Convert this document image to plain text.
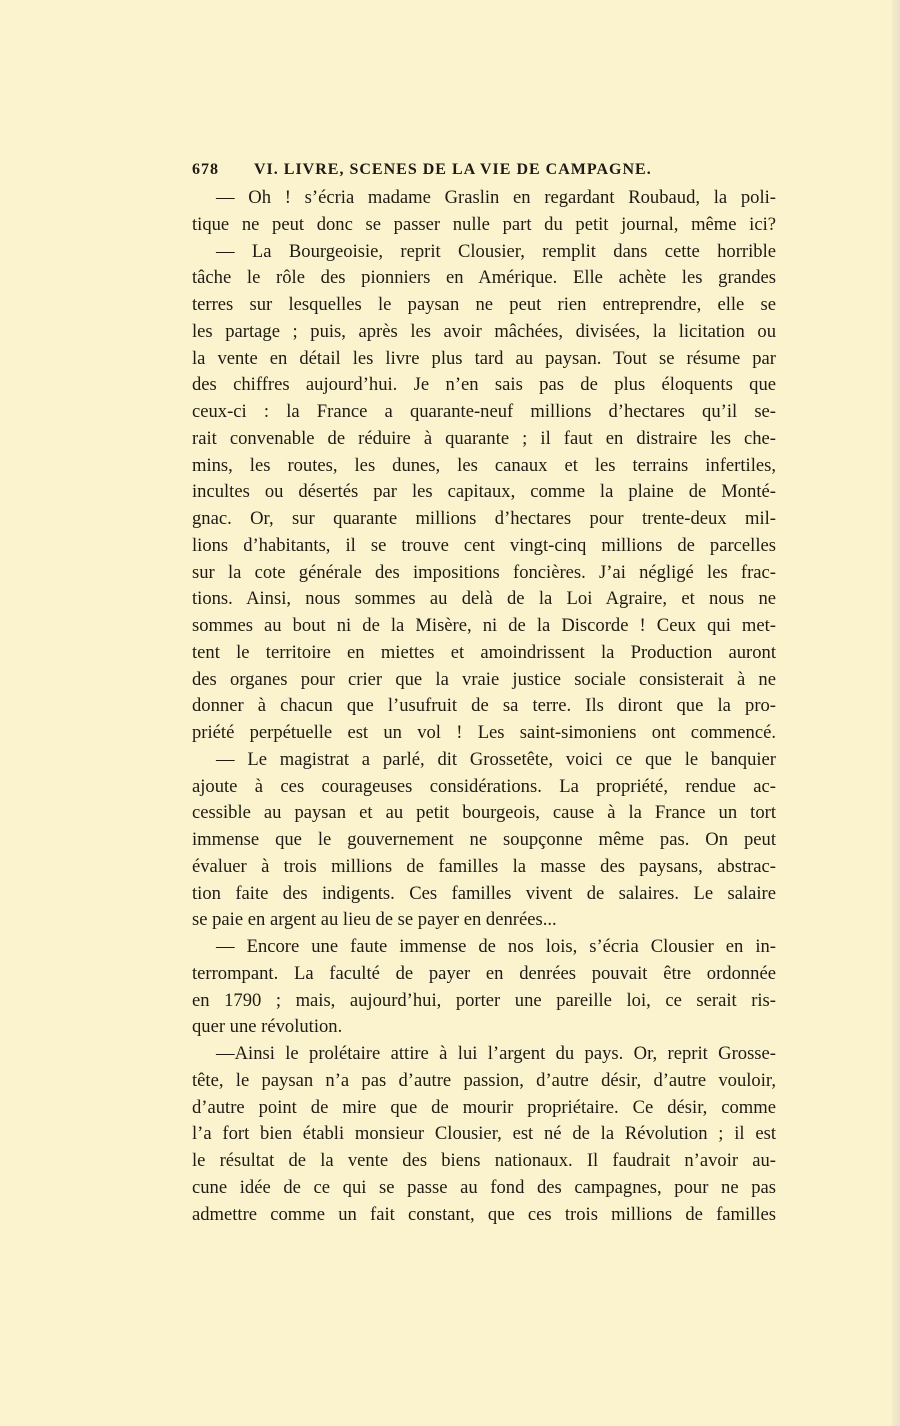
678 VI. LIVRE, SCENES DE LA VIE DE CAMPAGNE.
— Oh ! s’écria madame Graslin en regardant Roubaud, la poli-
tique ne peut donc se passer nulle part du petit journal, même ici?
— La Bourgeoisie, reprit Clousier, remplit dans cette horrible
tâche le rôle des pionniers en Amérique. Elle achète les grandes
terres sur lesquelles le paysan ne peut rien entreprendre, elle se
les partage ; puis, après les avoir mâchées, divisées, la licitation ou
la vente en détail les livre plus tard au paysan. Tout se résume par
des chiffres aujourd’hui. Je n’en sais pas de plus éloquents que
ceux-ci : la France a quarante-neuf millions d’hectares qu’il se-
rait convenable de réduire à quarante ; il faut en distraire les che-
mins, les routes, les dunes, les canaux et les terrains infertiles,
incultes ou désertés par les capitaux, comme la plaine de Monté-
gnac. Or, sur quarante millions d’hectares pour trente-deux mil-
lions d’habitants, il se trouve cent vingt-cinq millions de parcelles
sur la cote générale des impositions foncières. J’ai négligé les frac-
tions. Ainsi, nous sommes au delà de la Loi Agraire, et nous ne
sommes au bout ni de la Misère, ni de la Discorde ! Ceux qui met-
tent le territoire en miettes et amoindrissent la Production auront
des organes pour crier que la vraie justice sociale consisterait à ne
donner à chacun que l’usufruit de sa terre. Ils diront que la pro-
priété perpétuelle est un vol ! Les saint-simoniens ont commencé.
— Le magistrat a parlé, dit Grossetête, voici ce que le banquier
ajoute à ces courageuses considérations. La propriété, rendue ac-
cessible au paysan et au petit bourgeois, cause à la France un tort
immense que le gouvernement ne soupçonne même pas. On peut
évaluer à trois millions de familles la masse des paysans, abstrac-
tion faite des indigents. Ces familles vivent de salaires. Le salaire
se paie en argent au lieu de se payer en denrées...
— Encore une faute immense de nos lois, s’écria Clousier en in-
terrompant. La faculté de payer en denrées pouvait être ordonnée
en 1790 ; mais, aujourd’hui, porter une pareille loi, ce serait ris-
quer une révolution.
—Ainsi le prolétaire attire à lui l’argent du pays. Or, reprit Grosse-
tête, le paysan n’a pas d’autre passion, d’autre désir, d’autre vouloir,
d’autre point de mire que de mourir propriétaire. Ce désir, comme
l’a fort bien établi monsieur Clousier, est né de la Révolution ; il est
le résultat de la vente des biens nationaux. Il faudrait n’avoir au-
cune idée de ce qui se passe au fond des campagnes, pour ne pas
admettre comme un fait constant, que ces trois millions de familles
